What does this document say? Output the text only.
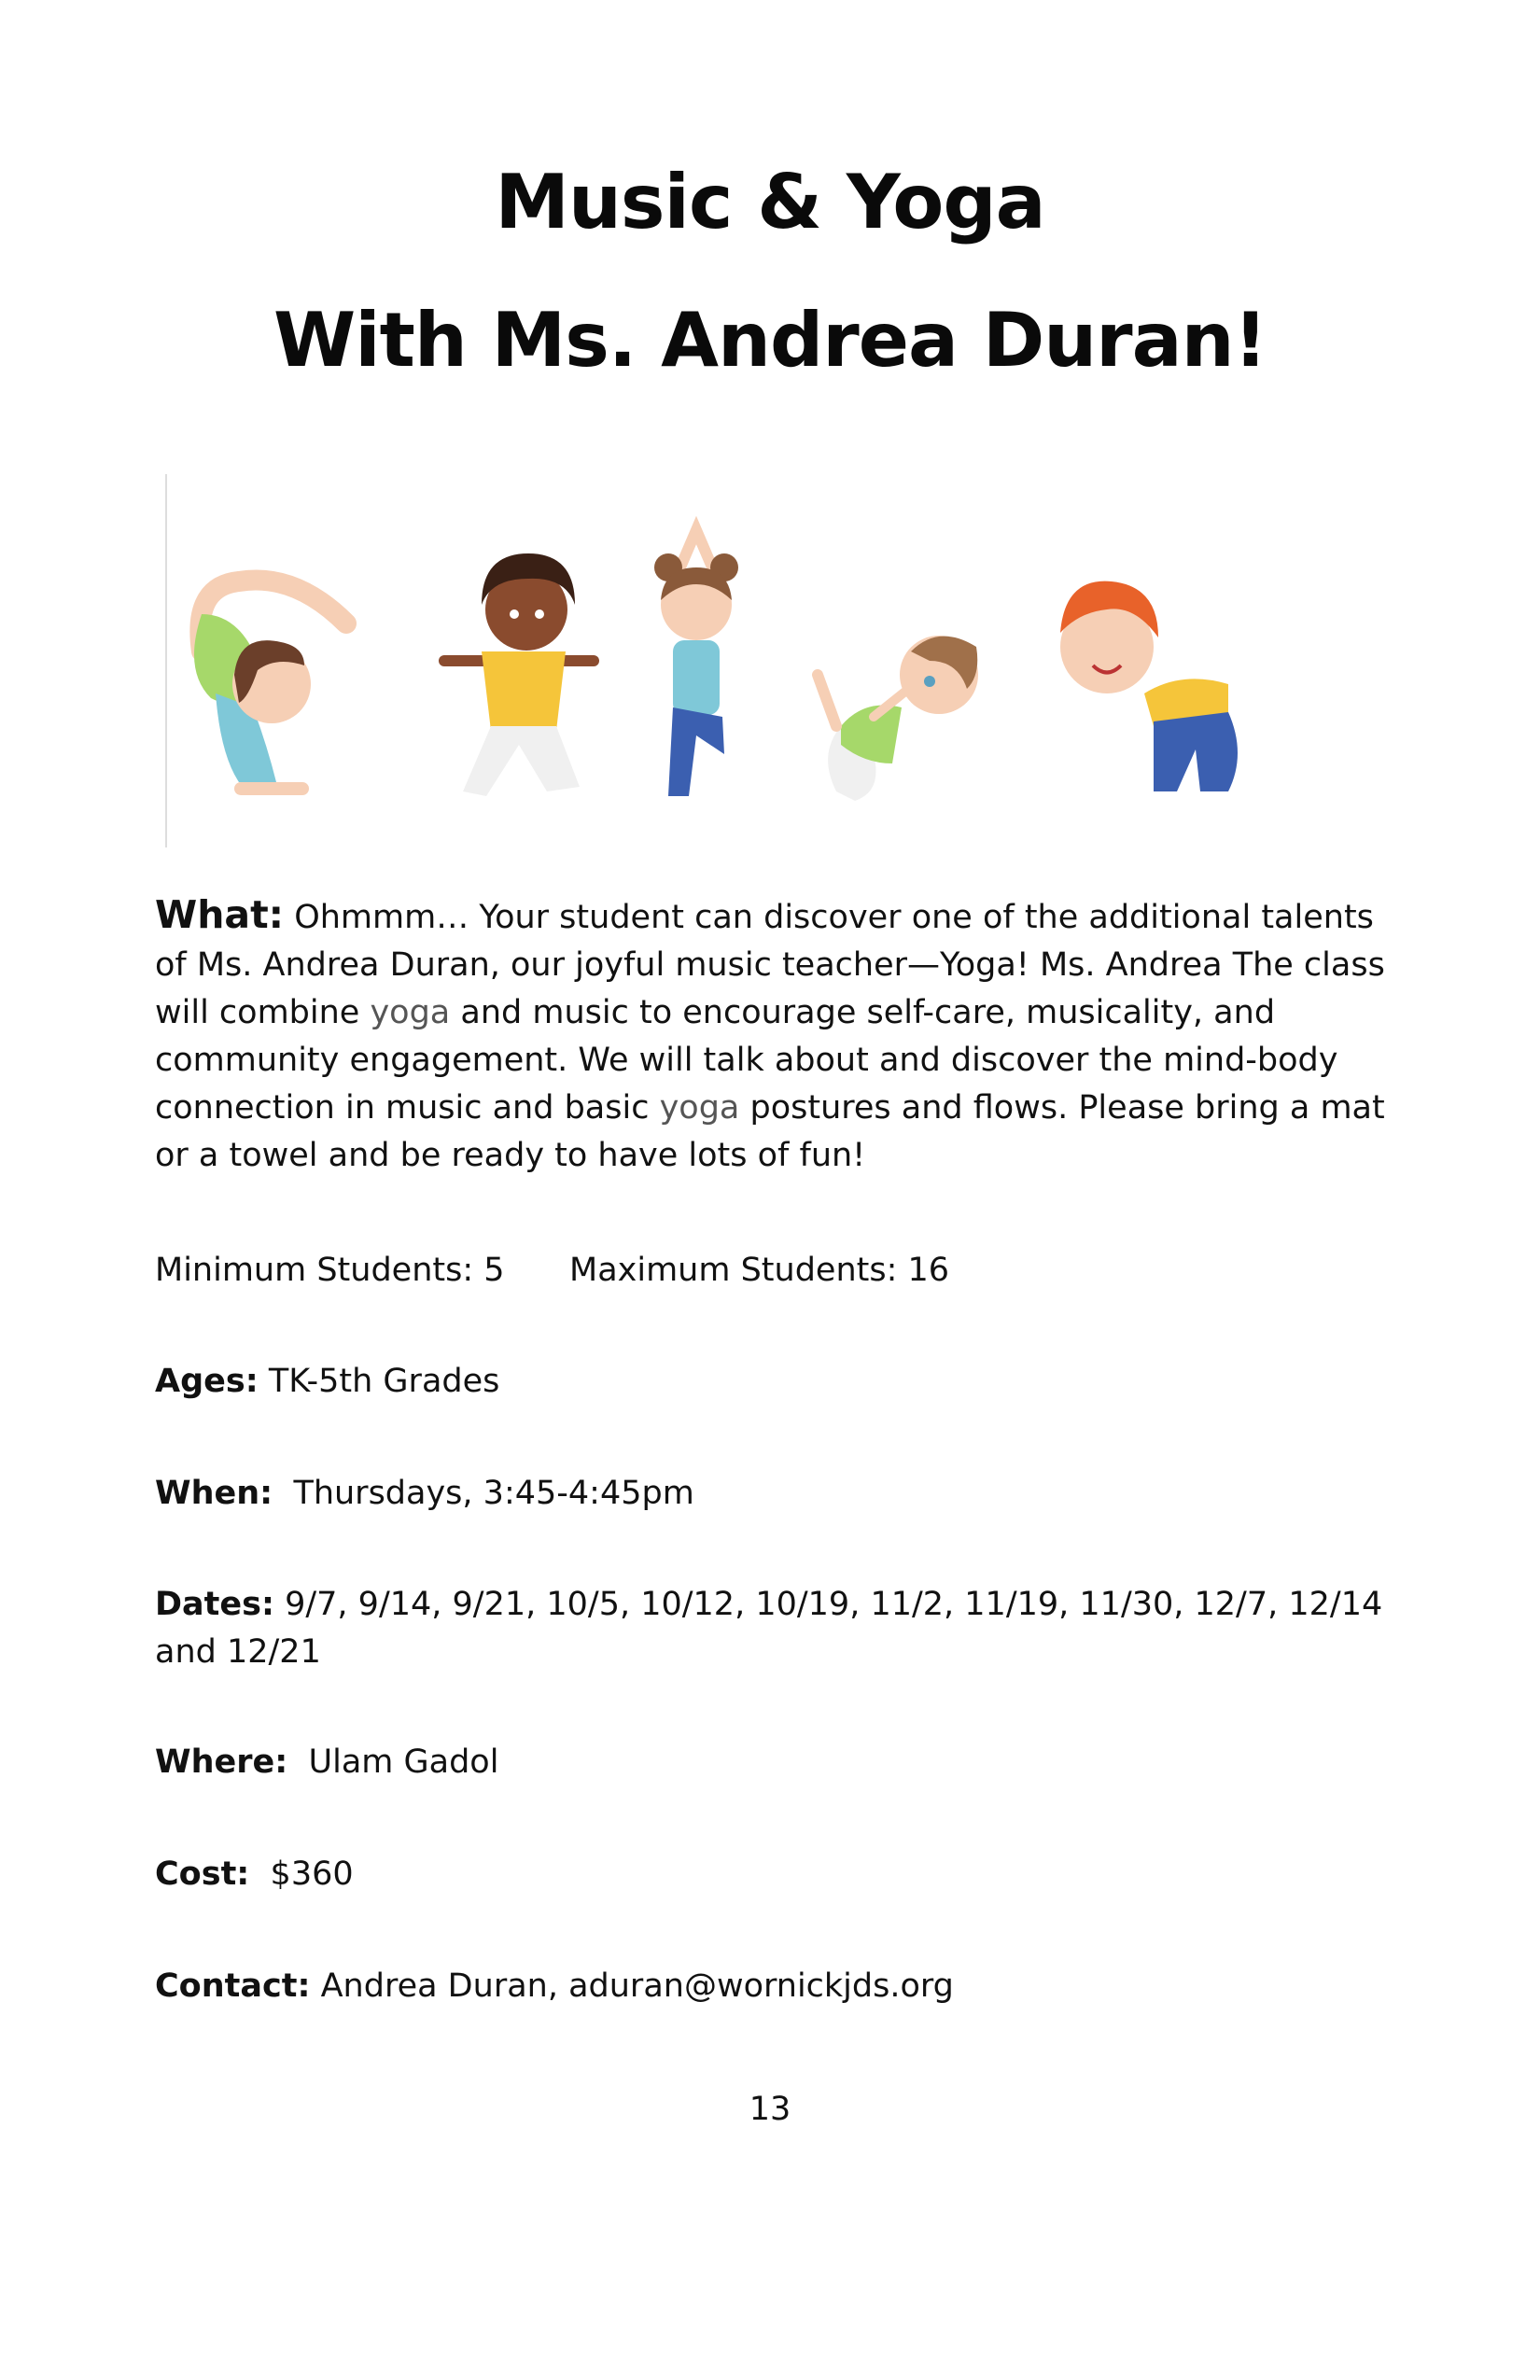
Music & Yoga
With Ms. Andrea Duran!
What: Ohmmm… Your student can discover one of the additional talents of Ms. Andrea Duran, our joyful music teacher—Yoga! Ms. Andrea The class will combine yoga and music to encourage self-care, musicality, and community engagement. We will talk about and discover the mind-body connection in music and basic yoga postures and flows. Please bring a mat or a towel and be ready to have lots of fun!
Minimum Students: 5 Maximum Students: 16
Ages: TK-5th Grades
When:  Thursdays, 3:45-4:45pm
Dates: 9/7, 9/14, 9/21, 10/5, 10/12, 10/19, 11/2, 11/19, 11/30, 12/7, 12/14 and 12/21
Where:  Ulam Gadol
Cost:  $360
Contact: Andrea Duran, aduran@wornickjds.org
13
